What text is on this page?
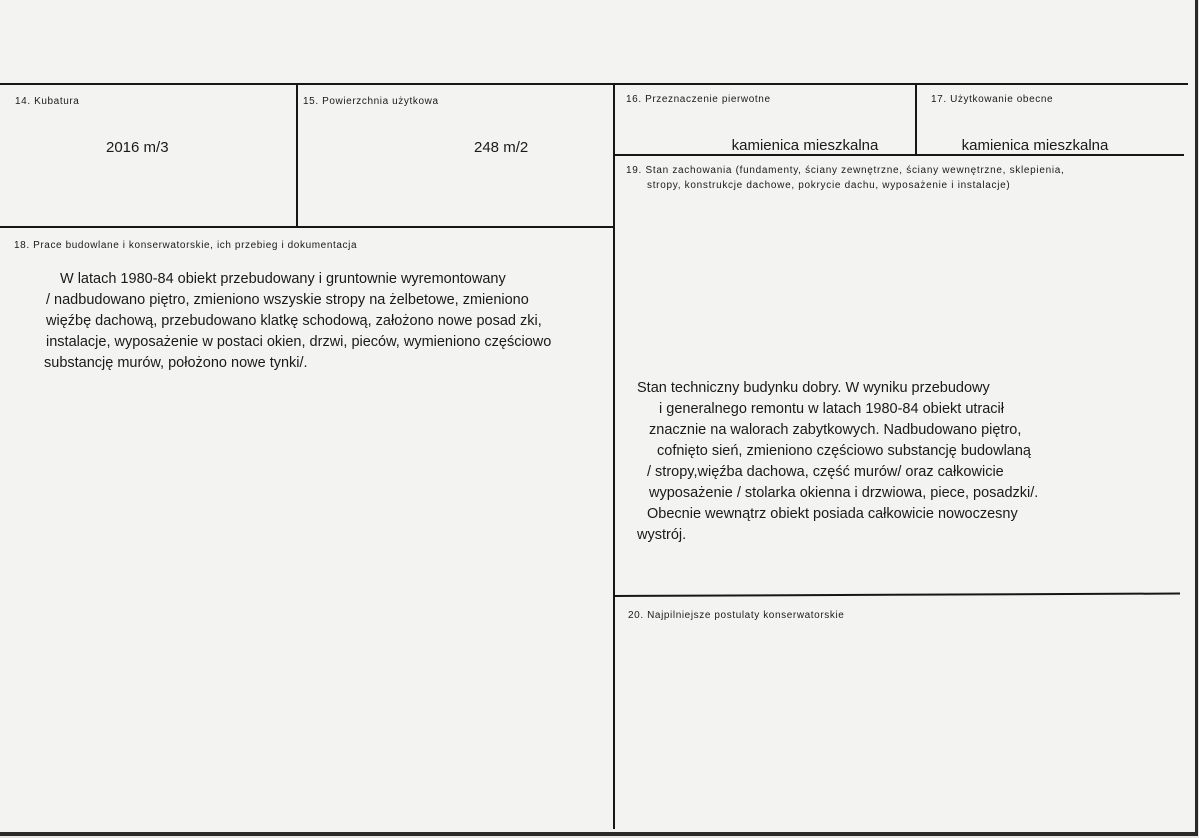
14. Kubatura
2016 m/3
15. Powierzchnia użytkowa
248 m/2
16. Przeznaczenie pierwotne
kamienica mieszkalna
17. Użytkowanie obecne
kamienica mieszkalna
18. Prace budowlane i konserwatorskie, ich przebieg i dokumentacja
W latach 1980-84 obiekt przebudowany i gruntownie wyremontowany
/ nadbudowano piętro, zmieniono wszyskie stropy na żelbetowe, zmieniono
więźbę dachową, przebudowano klatkę schodową, założono nowe posad zki,
instalacje, wyposażenie w postaci okien, drzwi, pieców, wymieniono częściowo
substancję murów, położono nowe tynki/.
19. Stan zachowania (fundamenty, ściany zewnętrzne, ściany wewnętrzne, sklepienia,
stropy, konstrukcje dachowe, pokrycie dachu, wyposażenie i instalacje)
Stan techniczny budynku dobry. W wyniku przebudowy
i generalnego remontu w latach 1980-84 obiekt utracił
znacznie na walorach zabytkowych. Nadbudowano piętro,
cofnięto sień, zmieniono częściowo substancję budowlaną
/ stropy,więźba dachowa, część murów/ oraz całkowicie
wyposażenie / stolarka okienna i drzwiowa, piece, posadzki/.
Obecnie wewnątrz obiekt posiada całkowicie nowoczesny
wystrój.
20. Najpilniejsze postulaty konserwatorskie
